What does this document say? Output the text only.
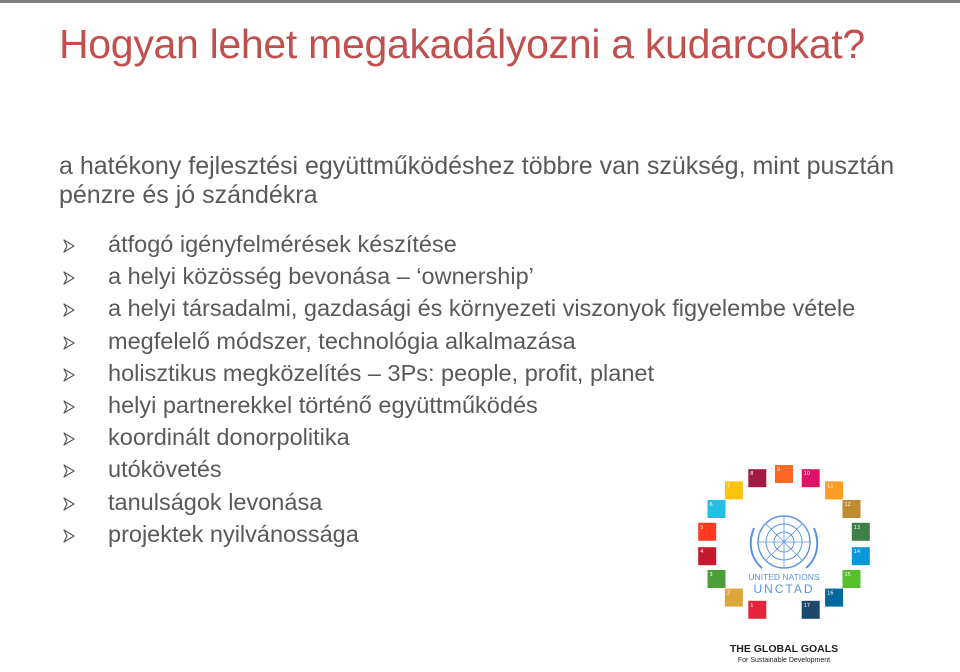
Hogyan lehet megakadályozni a kudarcokat?
a hatékony fejlesztési együttműködéshez többre van szükség, mint pusztán pénzre és jó szándékra
átfogó igényfelmérések készítése
a helyi közösség bevonása – ‘ownership’
a helyi társadalmi, gazdasági és környezeti viszonyok figyelembe vétele
megfelelő módszer, technológia alkalmazása
holisztikus megközelítés – 3Ps: people, profit, planet
helyi partnerekkel történő együttműködés
koordinált donorpolitika
utókövetés
tanulságok levonása
projektek nyilvánossága
1
2
3
4
5
6
7
8
9
10
11
12
13
14
15
16
17
UNITED NATIONS
UNCTAD
THE GLOBAL GOALS
For Sustainable Development
